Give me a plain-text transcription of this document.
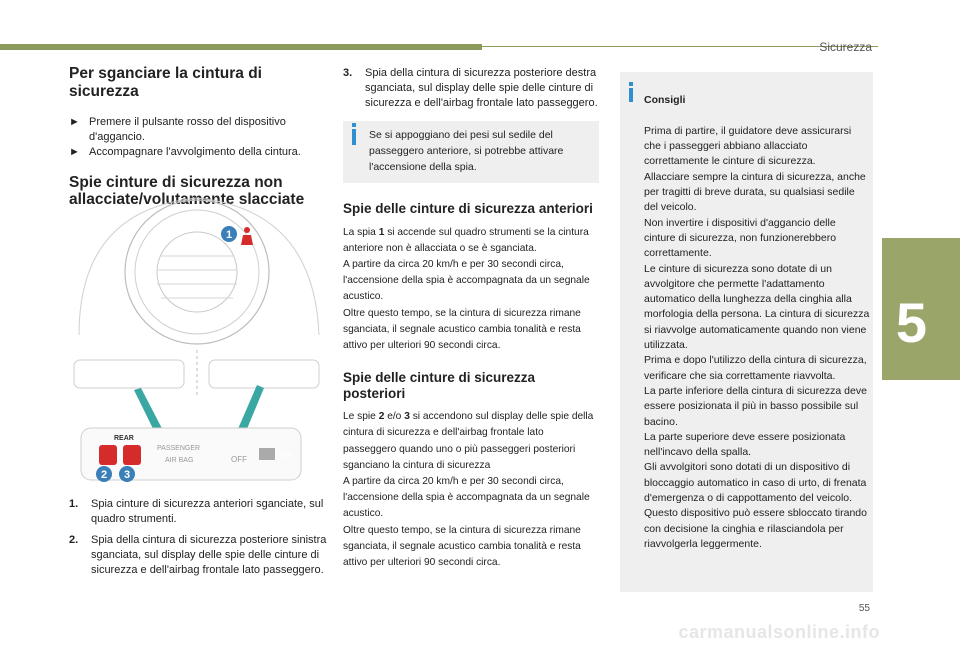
Sicurezza
5
55
carmanualsonline.info
Per sganciare la cintura di sicurezza
► Premere il pulsante rosso del dispositivo d'aggancio.
► Accompagnare l'avvolgimento della cintura.
Spie cinture di sicurezza non
allacciate/volutamente slacciate
1
REAR
PASSENGER
AIR BAG	OFF	ON
2 3
1. Spia cinture di sicurezza anteriori sganciate, sul quadro strumenti.
2. Spia della cintura di sicurezza posteriore sinistra sganciata, sul display delle spie delle cinture di sicurezza e dell'airbag frontale lato passeggero.
3. Spia della cintura di sicurezza posteriore destra sganciata, sul display delle spie delle cinture di sicurezza e dell'airbag frontale lato passeggero.
Se si appoggiano dei pesi sul sedile del passeggero anteriore, si potrebbe attivare l'accensione della spia.
Spie delle cinture di sicurezza anteriori

La spia 1 si accende sul quadro strumenti se la cintura anteriore non è allacciata o se è sganciata.

A partire da circa 20 km/h e per 30 secondi circa, l'accensione della spia è accompagnata da un segnale acustico.

Oltre questo tempo, se la cintura di sicurezza rimane sganciata, il segnale acustico cambia tonalità e resta attivo per ulteriori 90 secondi circa.

Spie delle cinture di sicurezza posteriori

Le spie 2 e/o 3 si accendono sul display delle spie della cintura di sicurezza e dell'airbag frontale lato passeggero quando uno o più passeggeri posteriori sganciano la cintura di sicurezza

A partire da circa 20 km/h e per 30 secondi circa, l'accensione della spia è accompagnata da un segnale acustico.

Oltre questo tempo, se la cintura di sicurezza rimane sganciata, il segnale acustico cambia tonalità e resta attivo per ulteriori 90 secondi circa.

Consigli

Prima di partire, il guidatore deve assicurarsi che i passeggeri abbiano allacciato correttamente le cinture di sicurezza.
Allacciare sempre la cintura di sicurezza, anche per tragitti di breve durata, su qualsiasi sedile del veicolo.
Non invertire i dispositivi d'aggancio delle cinture di sicurezza, non funzionerebbero correttamente.
Le cinture di sicurezza sono dotate di un avvolgitore che permette l'adattamento automatico della lunghezza della cinghia alla morfologia della persona. La cintura di sicurezza si riavvolge automaticamente quando non viene utilizzata.
Prima e dopo l'utilizzo della cintura di sicurezza, verificare che sia correttamente riavvolta.
La parte inferiore della cintura di sicurezza deve essere posizionata il più in basso possibile sul bacino.
La parte superiore deve essere posizionata nell'incavo della spalla.
Gli avvolgitori sono dotati di un dispositivo di bloccaggio automatico in caso di urto, di frenata d'emergenza o di cappottamento del veicolo. Questo dispositivo può essere sbloccato tirando con decisione la cinghia e rilasciandola per riavvolgerla leggermente.
